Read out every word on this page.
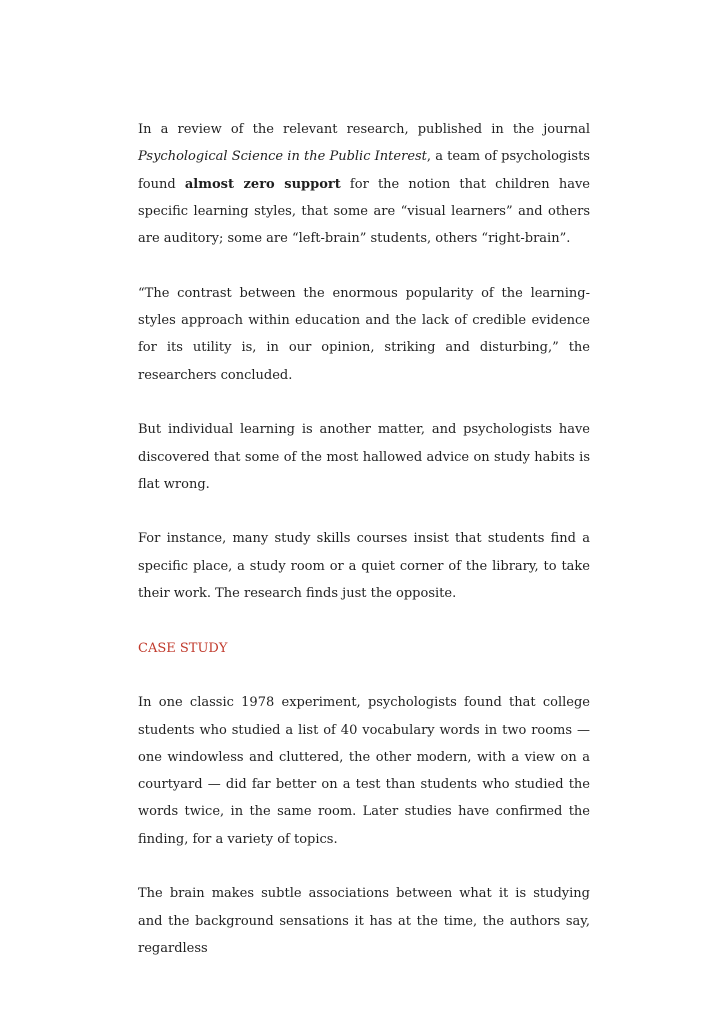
In a review of the relevant research, published in the journal Psychological Science in the Public Interest, a team of psychologists found almost zero support for the notion that children have specific learning styles, that some are “visual learners” and others are auditory; some are “left-brain” students, others “right-brain”.

“The contrast between the enormous popularity of the learning-styles approach within education and the lack of credible evidence for its utility is, in our opinion, striking and disturbing,” the researchers concluded.

But individual learning is another matter, and psychologists have discovered that some of the most hallowed advice on study habits is flat wrong.

For instance, many study skills courses insist that students find a specific place, a study room or a quiet corner of the library, to take their work. The research finds just the opposite.

CASE STUDY

In one classic 1978 experiment, psychologists found that college students who studied a list of 40 vocabulary words in two rooms — one windowless and cluttered, the other modern, with a view on a courtyard — did far better on a test than students who studied the words twice, in the same room. Later studies have confirmed the finding, for a variety of topics.

The brain makes subtle associations between what it is studying and the background sensations it has at the time, the authors say, regardless
